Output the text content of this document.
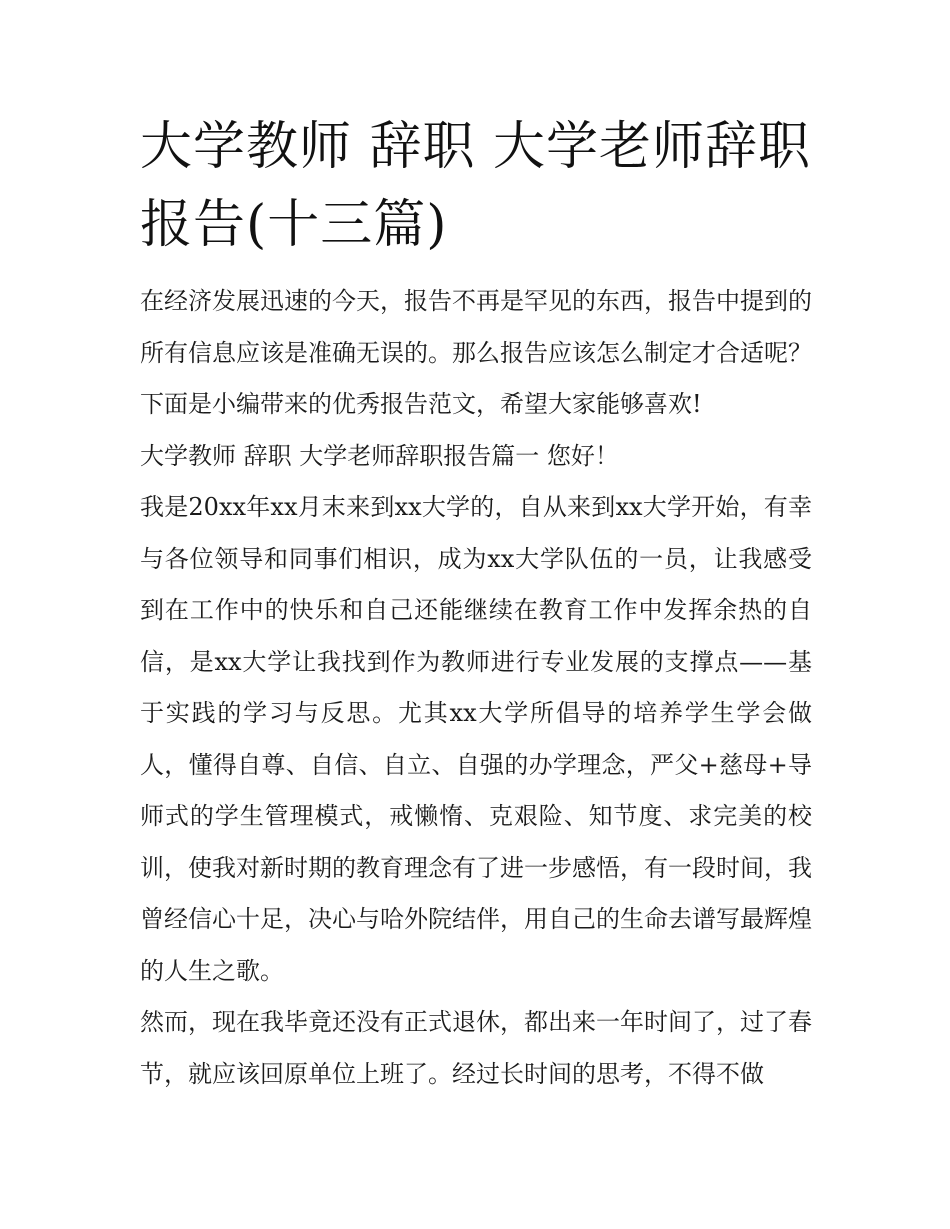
大学教师 辞职 大学老师辞职
报告(十三篇)

在经济发展迅速的今天，报告不再是罕见的东西，报告中提到的所有信息应该是准确无误的。那么报告应该怎么制定才合适呢？下面是小编带来的优秀报告范文，希望大家能够喜欢!

大学教师 辞职 大学老师辞职报告篇一 您好！

我是20xx年xx月末来到xx大学的，自从来到xx大学开始，有幸与各位领导和同事们相识，成为xx大学队伍的一员，让我感受到在工作中的快乐和自己还能继续在教育工作中发挥余热的自信，是xx大学让我找到作为教师进行专业发展的支撑点——基于实践的学习与反思。尤其xx大学所倡导的培养学生学会做人，懂得自尊、自信、自立、自强的办学理念，严父+慈母+导师式的学生管理模式，戒懒惰、克艰险、知节度、求完美的校训，使我对新时期的教育理念有了进一步感悟，有一段时间，我曾经信心十足，决心与哈外院结伴，用自己的生命去谱写最辉煌的人生之歌。

然而，现在我毕竟还没有正式退休，都出来一年时间了，过了春节，就应该回原单位上班了。经过长时间的思考，不得不做
